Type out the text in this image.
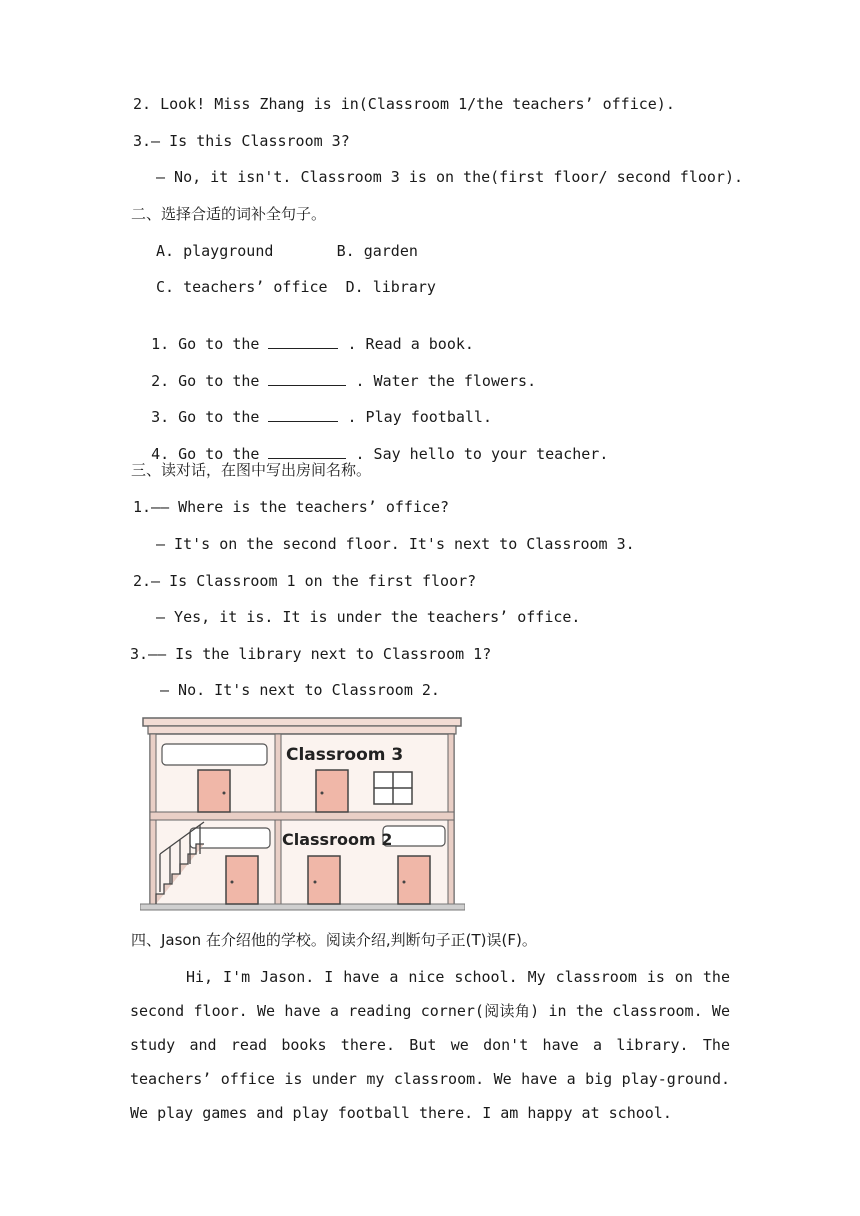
2. Look! Miss Zhang is in(Classroom 1/the teachers’ office).
3.— Is this Classroom 3?
— No, it isn't. Classroom 3 is on the(first floor/ second floor).
二、选择合适的词补全句子。
A. playground       B. garden
C. teachers’ office  D. library

1. Go to the	. Read a book.

2. Go to the	. Water the flowers.

3. Go to the	. Play football.

4. Go to the	. Say hello to your teacher.

三、读对话，在图中写出房间名称。
1.—— Where is the teachers’ office?
— It's on the second floor. It's next to Classroom 3.
2.— Is Classroom 1 on the first floor?
— Yes, it is. It is under the teachers’ office.
3.—— Is the library next to Classroom 1?
— No. It's next to Classroom 2.
Classroom 3
Classroom 2
四、Jason 在介绍他的学校。阅读介绍,判断句子正(T)误(F)。
Hi, I'm Jason. I have a nice school. My classroom is on the second floor. We have a reading corner(阅读角) in the classroom. We study and read books there. But we don't have a library. The teachers’ office is under my classroom. We have a big play-ground. We play games and play football there. I am happy at school.
